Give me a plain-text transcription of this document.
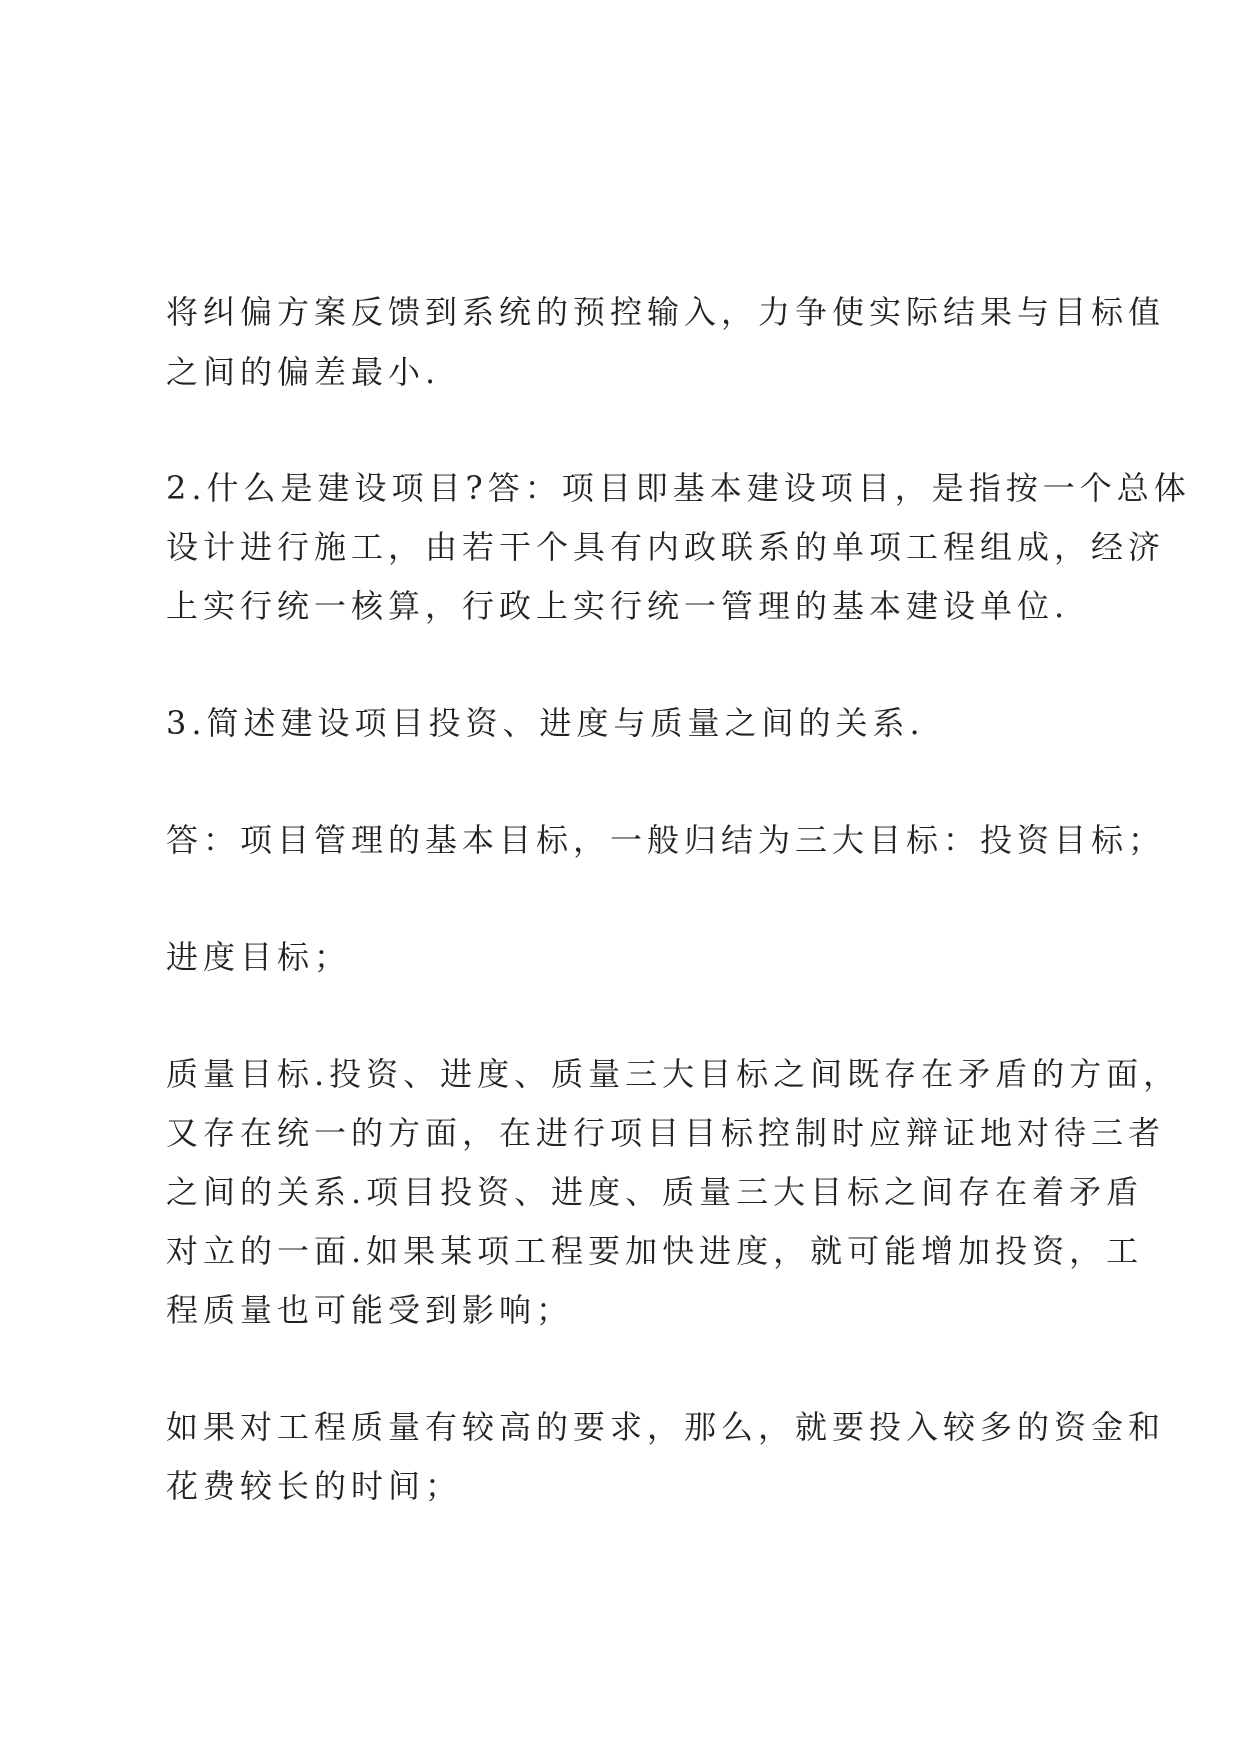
将纠偏方案反馈到系统的预控输入，力争使实际结果与目标值

之间的偏差最小.

2.什么是建设项目?答：项目即基本建设项目，是指按一个总体

设计进行施工，由若干个具有内政联系的单项工程组成，经济

上实行统一核算，行政上实行统一管理的基本建设单位.

3.简述建设项目投资、进度与质量之间的关系.

答：项目管理的基本目标，一般归结为三大目标：投资目标；

进度目标；

质量目标.投资、进度、质量三大目标之间既存在矛盾的方面，

又存在统一的方面，在进行项目目标控制时应辩证地对待三者

之间的关系.项目投资、进度、质量三大目标之间存在着矛盾

对立的一面.如果某项工程要加快进度，就可能增加投资，工

程质量也可能受到影响；

如果对工程质量有较高的要求，那么，就要投入较多的资金和

花费较长的时间；
